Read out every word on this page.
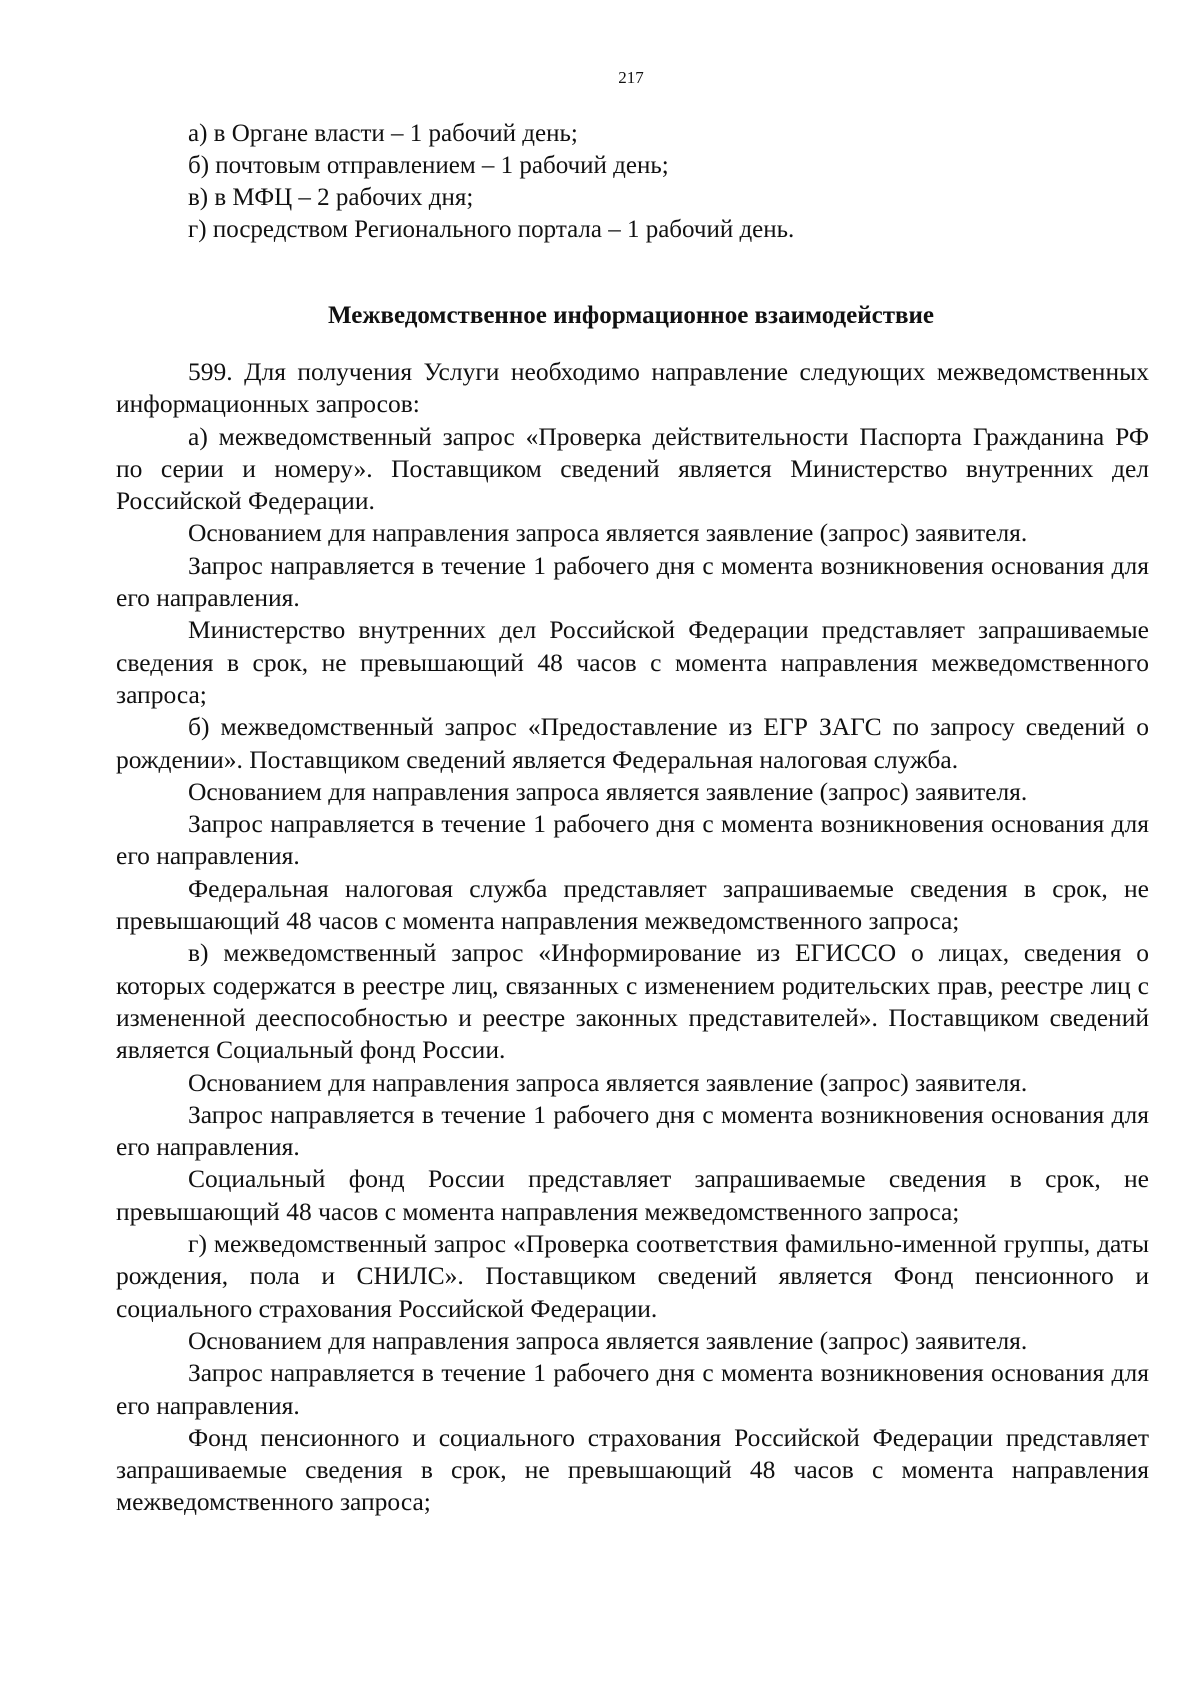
217
а) в Органе власти – 1 рабочий день;
б) почтовым отправлением – 1 рабочий день;
в) в МФЦ – 2 рабочих дня;
г) посредством Регионального портала – 1 рабочий день.
Межведомственное информационное взаимодействие

599. Для получения Услуги необходимо направление следующих межведомственных информационных запросов:

а) межведомственный запрос «Проверка действительности Паспорта Гражданина РФ по серии и номеру». Поставщиком сведений является Министерство внутренних дел Российской Федерации.

Основанием для направления запроса является заявление (запрос) заявителя.

Запрос направляется в течение 1 рабочего дня с момента возникновения основания для его направления.

Министерство внутренних дел Российской Федерации представляет запрашиваемые сведения в срок, не превышающий 48 часов с момента направления межведомственного запроса;

б) межведомственный запрос «Предоставление из ЕГР ЗАГС по запросу сведений о рождении». Поставщиком сведений является Федеральная налоговая служба.

Основанием для направления запроса является заявление (запрос) заявителя.

Запрос направляется в течение 1 рабочего дня с момента возникновения основания для его направления.

Федеральная налоговая служба представляет запрашиваемые сведения в срок, не превышающий 48 часов с момента направления межведомственного запроса;

в) межведомственный запрос «Информирование из ЕГИССО о лицах, сведения о которых содержатся в реестре лиц, связанных с изменением родительских прав, реестре лиц с измененной дееспособностью и реестре законных представителей». Поставщиком сведений является Социальный фонд России.

Основанием для направления запроса является заявление (запрос) заявителя.

Запрос направляется в течение 1 рабочего дня с момента возникновения основания для его направления.

Социальный фонд России представляет запрашиваемые сведения в срок, не превышающий 48 часов с момента направления межведомственного запроса;

г) межведомственный запрос «Проверка соответствия фамильно-именной группы, даты рождения, пола и СНИЛС». Поставщиком сведений является Фонд пенсионного и социального страхования Российской Федерации.

Основанием для направления запроса является заявление (запрос) заявителя.

Запрос направляется в течение 1 рабочего дня с момента возникновения основания для его направления.

Фонд пенсионного и социального страхования Российской Федерации представляет запрашиваемые сведения в срок, не превышающий 48 часов с момента направления межведомственного запроса;
